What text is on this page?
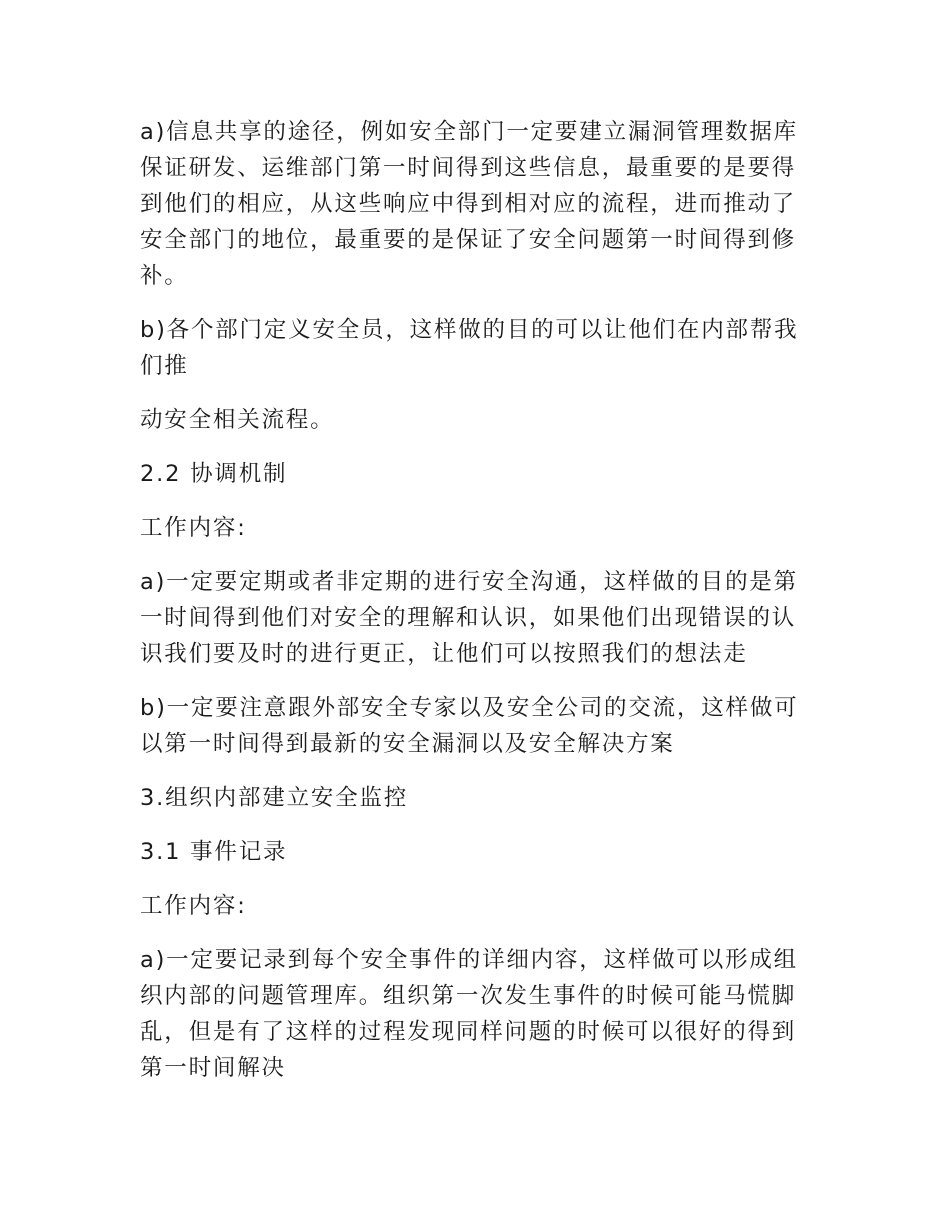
a)信息共享的途径，例如安全部门一定要建立漏洞管理数据库保证研发、运维部门第一时间得到这些信息，最重要的是要得到他们的相应，从这些响应中得到相对应的流程，进而推动了安全部门的地位，最重要的是保证了安全问题第一时间得到修补。

b)各个部门定义安全员，这样做的目的可以让他们在内部帮我们推

动安全相关流程。

2.2 协调机制

工作内容:

a)一定要定期或者非定期的进行安全沟通，这样做的目的是第一时间得到他们对安全的理解和认识，如果他们出现错误的认识我们要及时的进行更正，让他们可以按照我们的想法走

b)一定要注意跟外部安全专家以及安全公司的交流，这样做可以第一时间得到最新的安全漏洞以及安全解决方案

3.组织内部建立安全监控

3.1 事件记录

工作内容:

a)一定要记录到每个安全事件的详细内容，这样做可以形成组织内部的问题管理库。组织第一次发生事件的时候可能马慌脚乱，但是有了这样的过程发现同样问题的时候可以很好的得到第一时间解决
